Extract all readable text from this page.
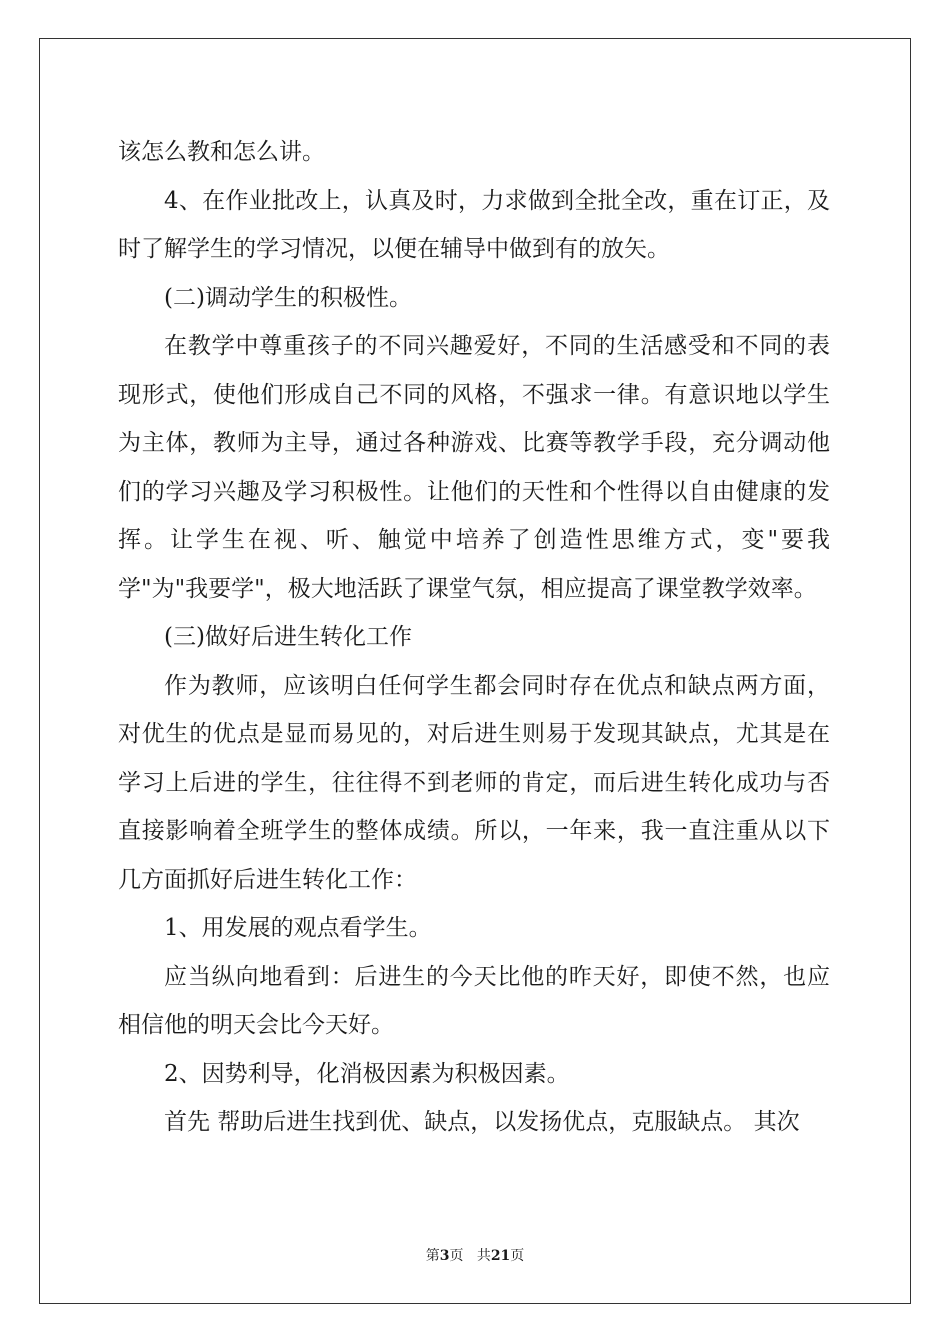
该怎么教和怎么讲。

4、在作业批改上，认真及时，力求做到全批全改，重在订正，及时了解学生的学习情况，以便在辅导中做到有的放矢。

(二)调动学生的积极性。

在教学中尊重孩子的不同兴趣爱好，不同的生活感受和不同的表现形式，使他们形成自己不同的风格，不强求一律。有意识地以学生为主体，教师为主导，通过各种游戏、比赛等教学手段，充分调动他们的学习兴趣及学习积极性。让他们的天性和个性得以自由健康的发挥。让学生在视、听、触觉中培养了创造性思维方式，变"要我学"为"我要学"，极大地活跃了课堂气氛，相应提高了课堂教学效率。

(三)做好后进生转化工作

作为教师，应该明白任何学生都会同时存在优点和缺点两方面，对优生的优点是显而易见的，对后进生则易于发现其缺点，尤其是在学习上后进的学生，往往得不到老师的肯定，而后进生转化成功与否直接影响着全班学生的整体成绩。所以，一年来，我一直注重从以下几方面抓好后进生转化工作：

1、用发展的观点看学生。

应当纵向地看到：后进生的今天比他的昨天好，即使不然，也应相信他的明天会比今天好。

2、因势利导，化消极因素为积极因素。

首先 帮助后进生找到优、缺点，以发扬优点，克服缺点。 其次

第3页 共21页
